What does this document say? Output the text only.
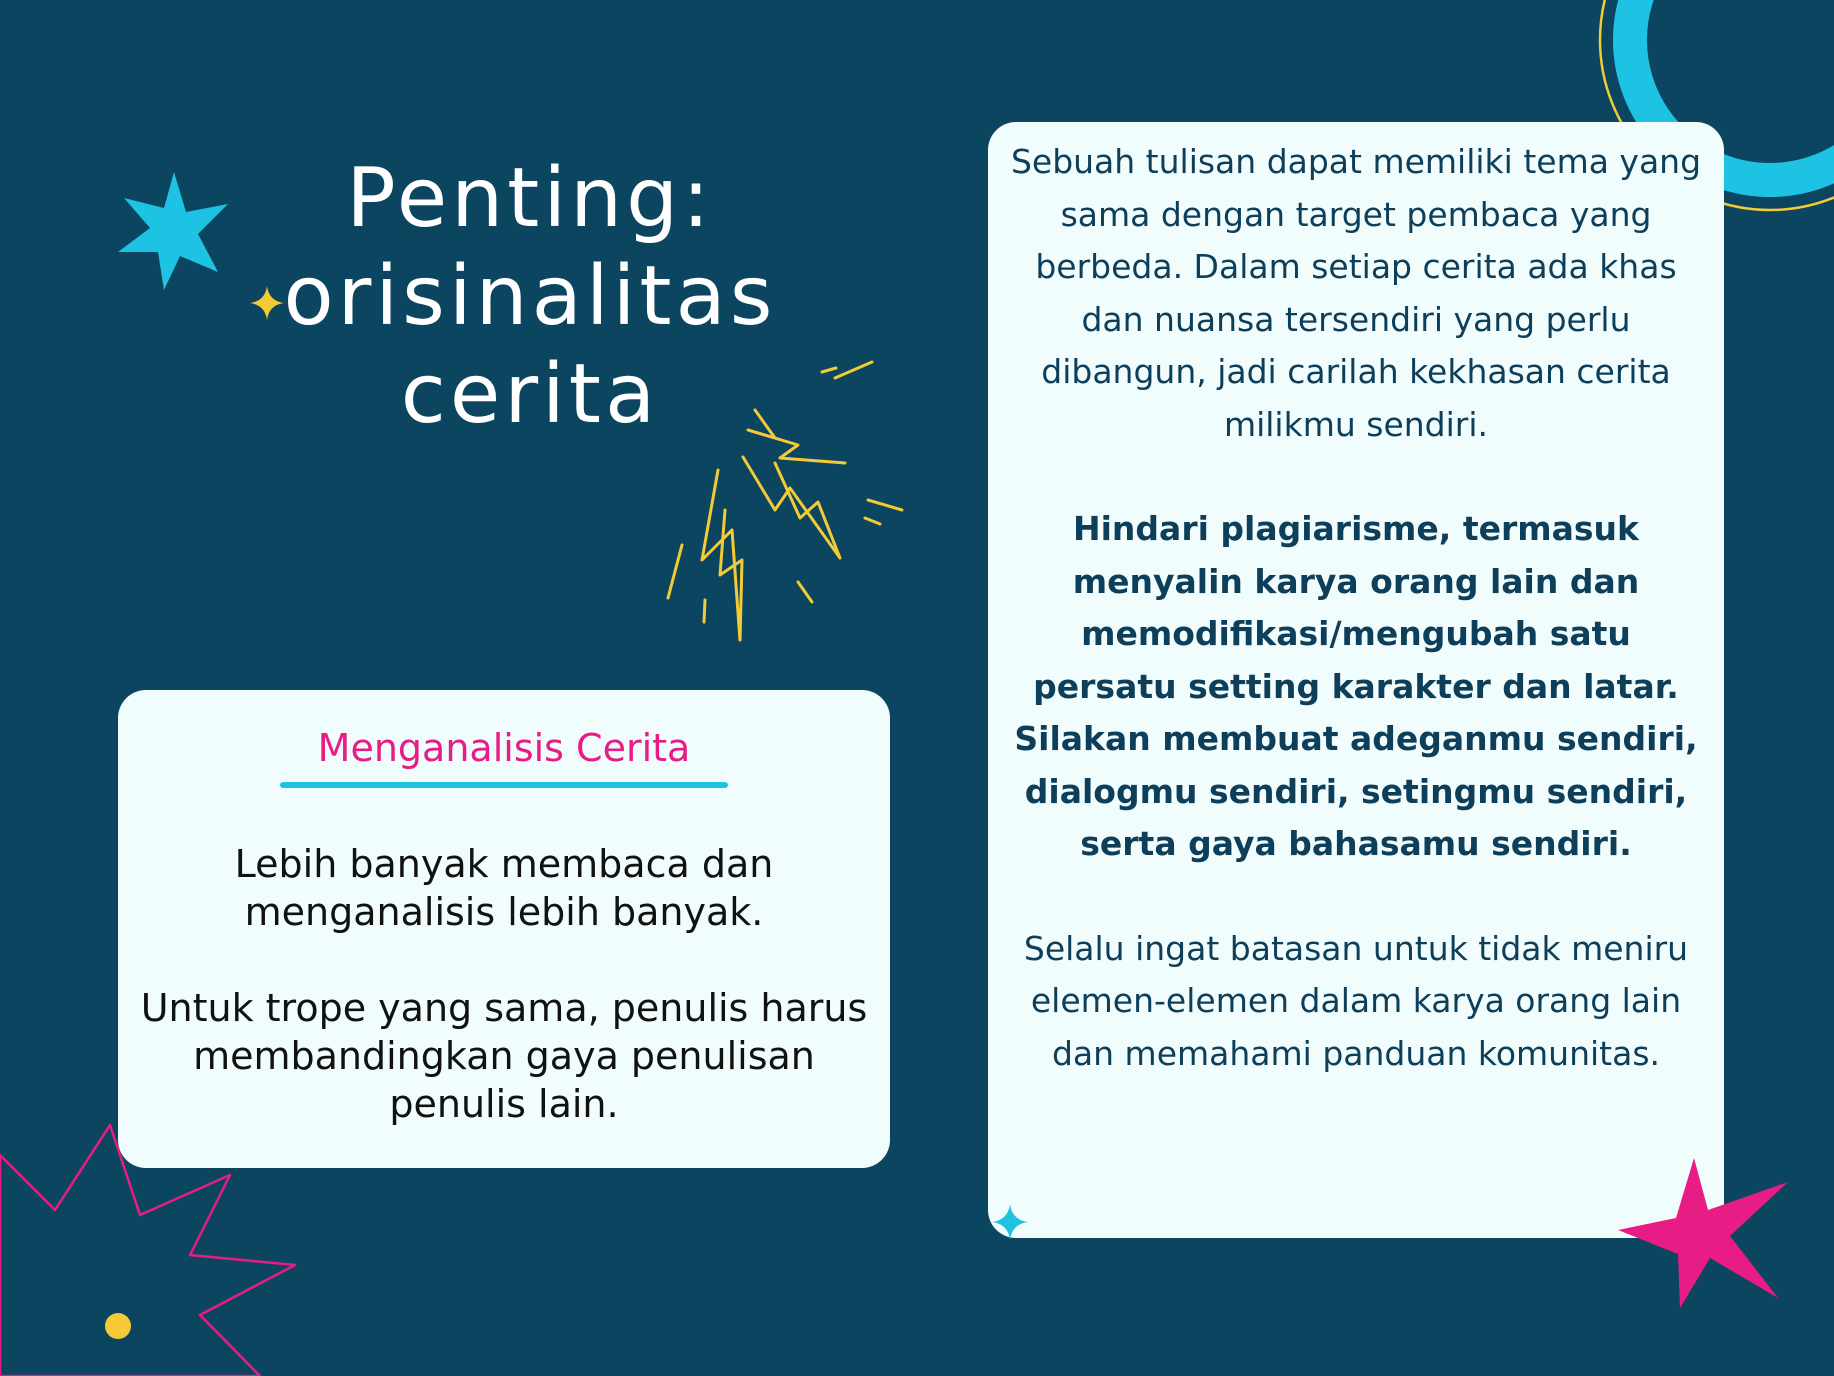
Penting:
orisinalitas
cerita
Menganalisis Cerita

Lebih banyak membaca dan menganalisis lebih banyak.

Untuk trope yang sama, penulis harus membandingkan gaya penulisan penulis lain.

Sebuah tulisan dapat memiliki tema yang sama dengan target pembaca yang berbeda. Dalam setiap cerita ada khas dan nuansa tersendiri yang perlu dibangun, jadi carilah kekhasan cerita milikmu sendiri.

Hindari plagiarisme, termasuk menyalin karya orang lain dan memodifikasi/mengubah satu persatu setting karakter dan latar.

Silakan membuat adeganmu sendiri, dialogmu sendiri, setingmu sendiri, serta gaya bahasamu sendiri.

Selalu ingat batasan untuk tidak meniru elemen-elemen dalam karya orang lain dan memahami panduan komunitas.
